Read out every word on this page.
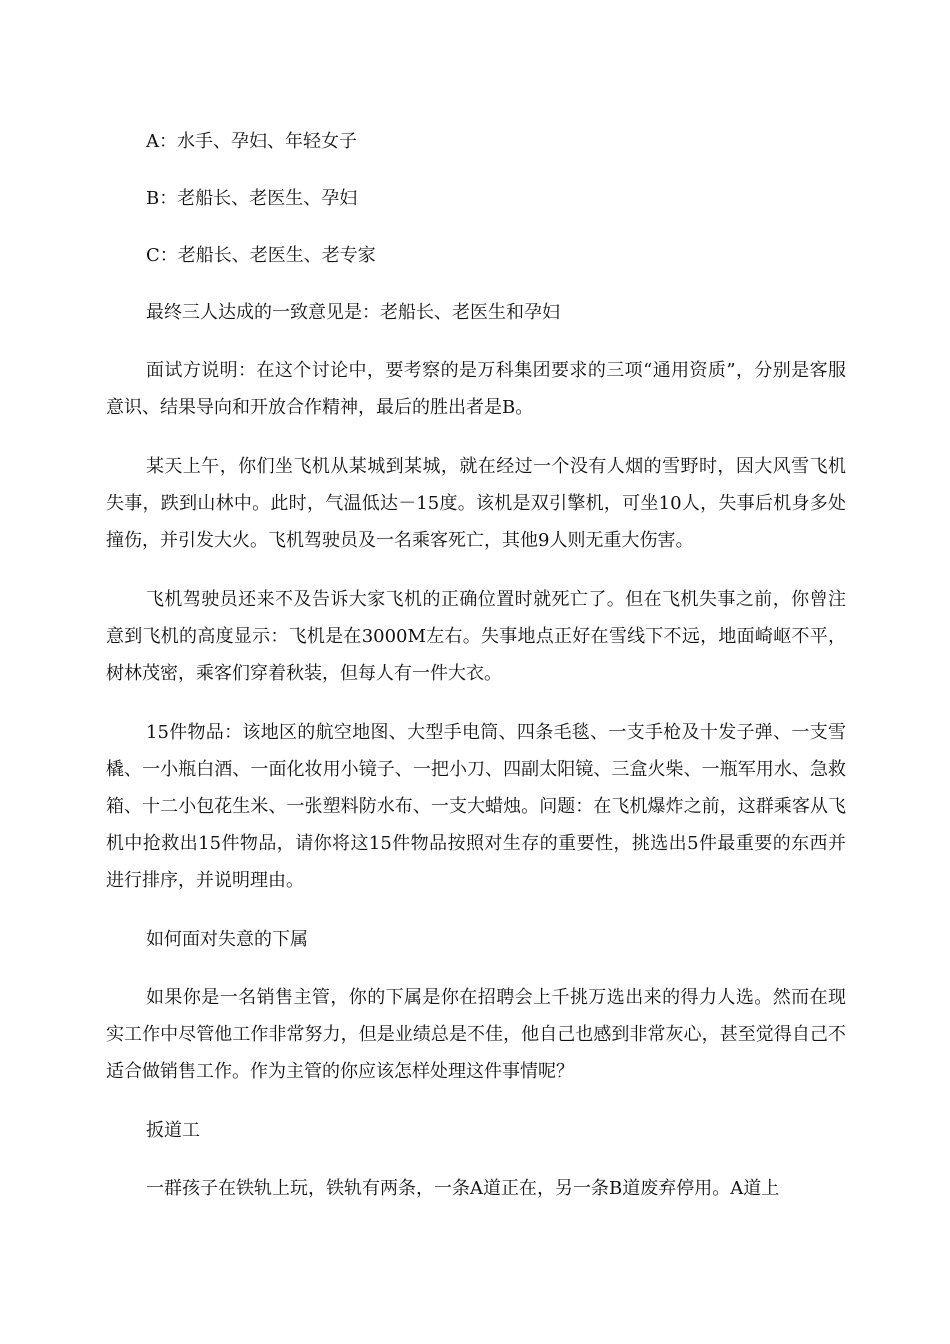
A：水手、孕妇、年轻女子

B：老船长、老医生、孕妇

C：老船长、老医生、老专家

最终三人达成的一致意见是：老船长、老医生和孕妇

面试方说明：在这个讨论中，要考察的是万科集团要求的三项“通用资质”，分别是客服意识、结果导向和开放合作精神，最后的胜出者是B。

某天上午，你们坐飞机从某城到某城，就在经过一个没有人烟的雪野时，因大风雪飞机失事，跌到山林中。此时，气温低达－15度。该机是双引擎机，可坐10人，失事后机身多处撞伤，并引发大火。飞机驾驶员及一名乘客死亡，其他9人则无重大伤害。

飞机驾驶员还来不及告诉大家飞机的正确位置时就死亡了。但在飞机失事之前，你曾注意到飞机的高度显示：飞机是在3000M左右。失事地点正好在雪线下不远，地面崎岖不平，树林茂密，乘客们穿着秋装，但每人有一件大衣。

15件物品：该地区的航空地图、大型手电筒、四条毛毯、一支手枪及十发子弹、一支雪橇、一小瓶白酒、一面化妆用小镜子、一把小刀、四副太阳镜、三盒火柴、一瓶军用水、急救箱、十二小包花生米、一张塑料防水布、一支大蜡烛。问题：在飞机爆炸之前，这群乘客从飞机中抢救出15件物品，请你将这15件物品按照对生存的重要性，挑选出5件最重要的东西并进行排序，并说明理由。

如何面对失意的下属

如果你是一名销售主管，你的下属是你在招聘会上千挑万选出来的得力人选。然而在现实工作中尽管他工作非常努力，但是业绩总是不佳，他自己也感到非常灰心，甚至觉得自己不适合做销售工作。作为主管的你应该怎样处理这件事情呢？

扳道工

一群孩子在铁轨上玩，铁轨有两条，一条A道正在，另一条B道废弃停用。A道上
